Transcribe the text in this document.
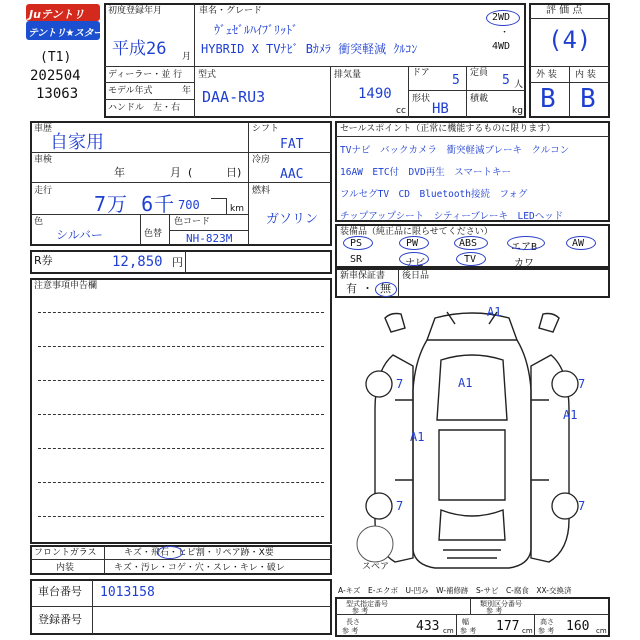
Juテントリ
テントリ★スター
(T1)
202504
13063
初度登録年月
平成26 月
車名・グレード
ｳﾞｪｾﾞﾙﾊｲﾌﾞﾘｯﾄﾞ
HYBRID X TVﾅﾋﾞ Bｶﾒﾗ 衝突軽減 ｸﾙｺﾝ
2WD
・
4WD
ディーラー・並 行
モデル年式	年
ハンドル　左・右
型式
DAA-RU3
排気量
1490
cc
ドア 5
形状
HB
定員 5 人
積載
kg
評 価 点
(4)
外 装 内 装
B B
車歴
自家用
車検
年	月 (	日)
走行
7万 6千 700	km
色
シルバー	色替
色コード
NH-823M
シフト
FAT
冷房
AAC
燃料
ガソリン
R券	12,850 円
セールスポイント（正常に機能するものに限ります）
TVナビ　バックカメラ　衝突軽減ブレーキ　クルコン
16AW　ETC付　DVD再生　スマートキー
フルセグTV　CD　Bluetooth接続　フォグ
チップアップシート　シティーブレーキ　LEDヘッド
装備品（純正品に限らせてください）
PS	PW	ABS	エアB	AW
SR	ナビ	TV	カワ
注意事項申告欄
新車保証書
有 ・ 無
後日品
A1
A1
A1
A1
7	7
7	7
スペア
フロントガラス	キズ・飛石・ヒビ割・リペア跡・X要
内装	キズ・汚レ・コゲ・穴・スレ・キレ・破レ
A-キズ　E-エクボ　U-凹み　W-補修跡　S-サビ　C-腐食　XX-交換済
車台番号 1013158
登録番号
型式指定番号
参 考
類別区分番号
参 考
長さ
参 考	433 cm
幅
参 考 177 cm
高さ
参 考 160 cm
